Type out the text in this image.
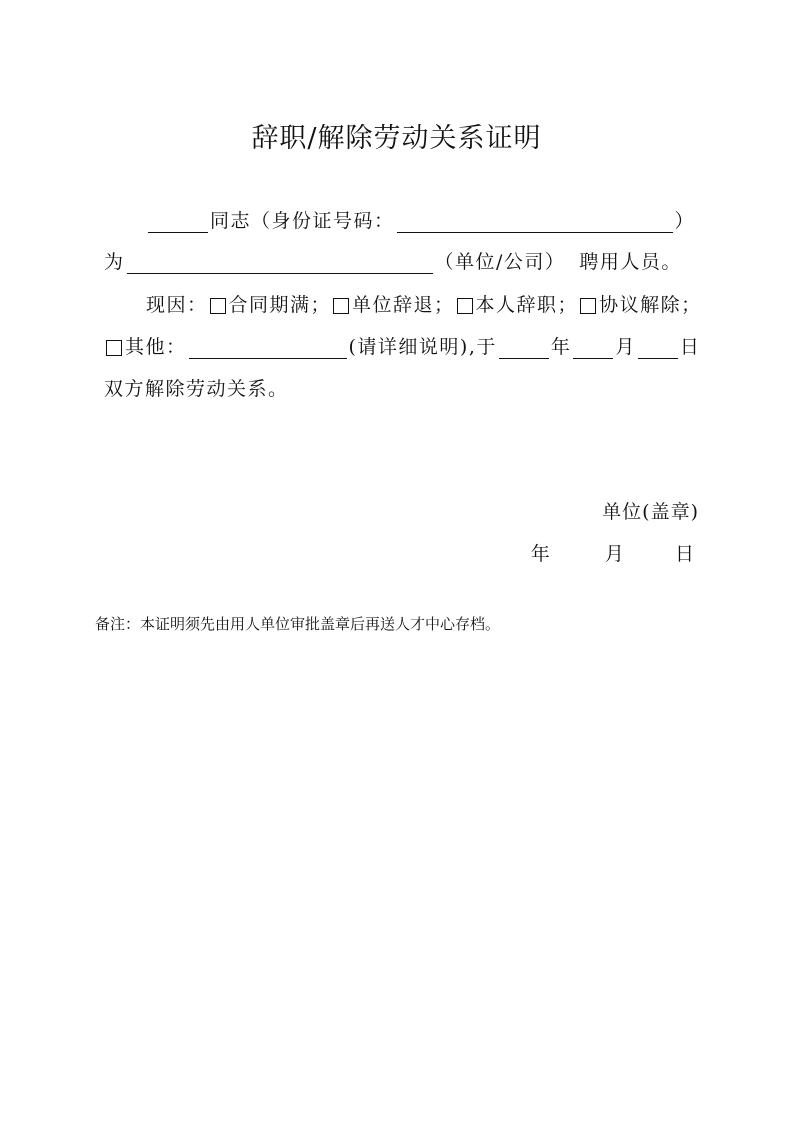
辞职/解除劳动关系证明
同志（身份证号码：	）
为	（单位/公司） 聘用人员。
现因： 合同期满； 单位辞退； 本人辞职； 协议解除；
其他：	(请详细说明),于	年 月 日
双方解除劳动关系。
单位(盖章)
年	月	日
备注：本证明须先由用人单位审批盖章后再送人才中心存档。
